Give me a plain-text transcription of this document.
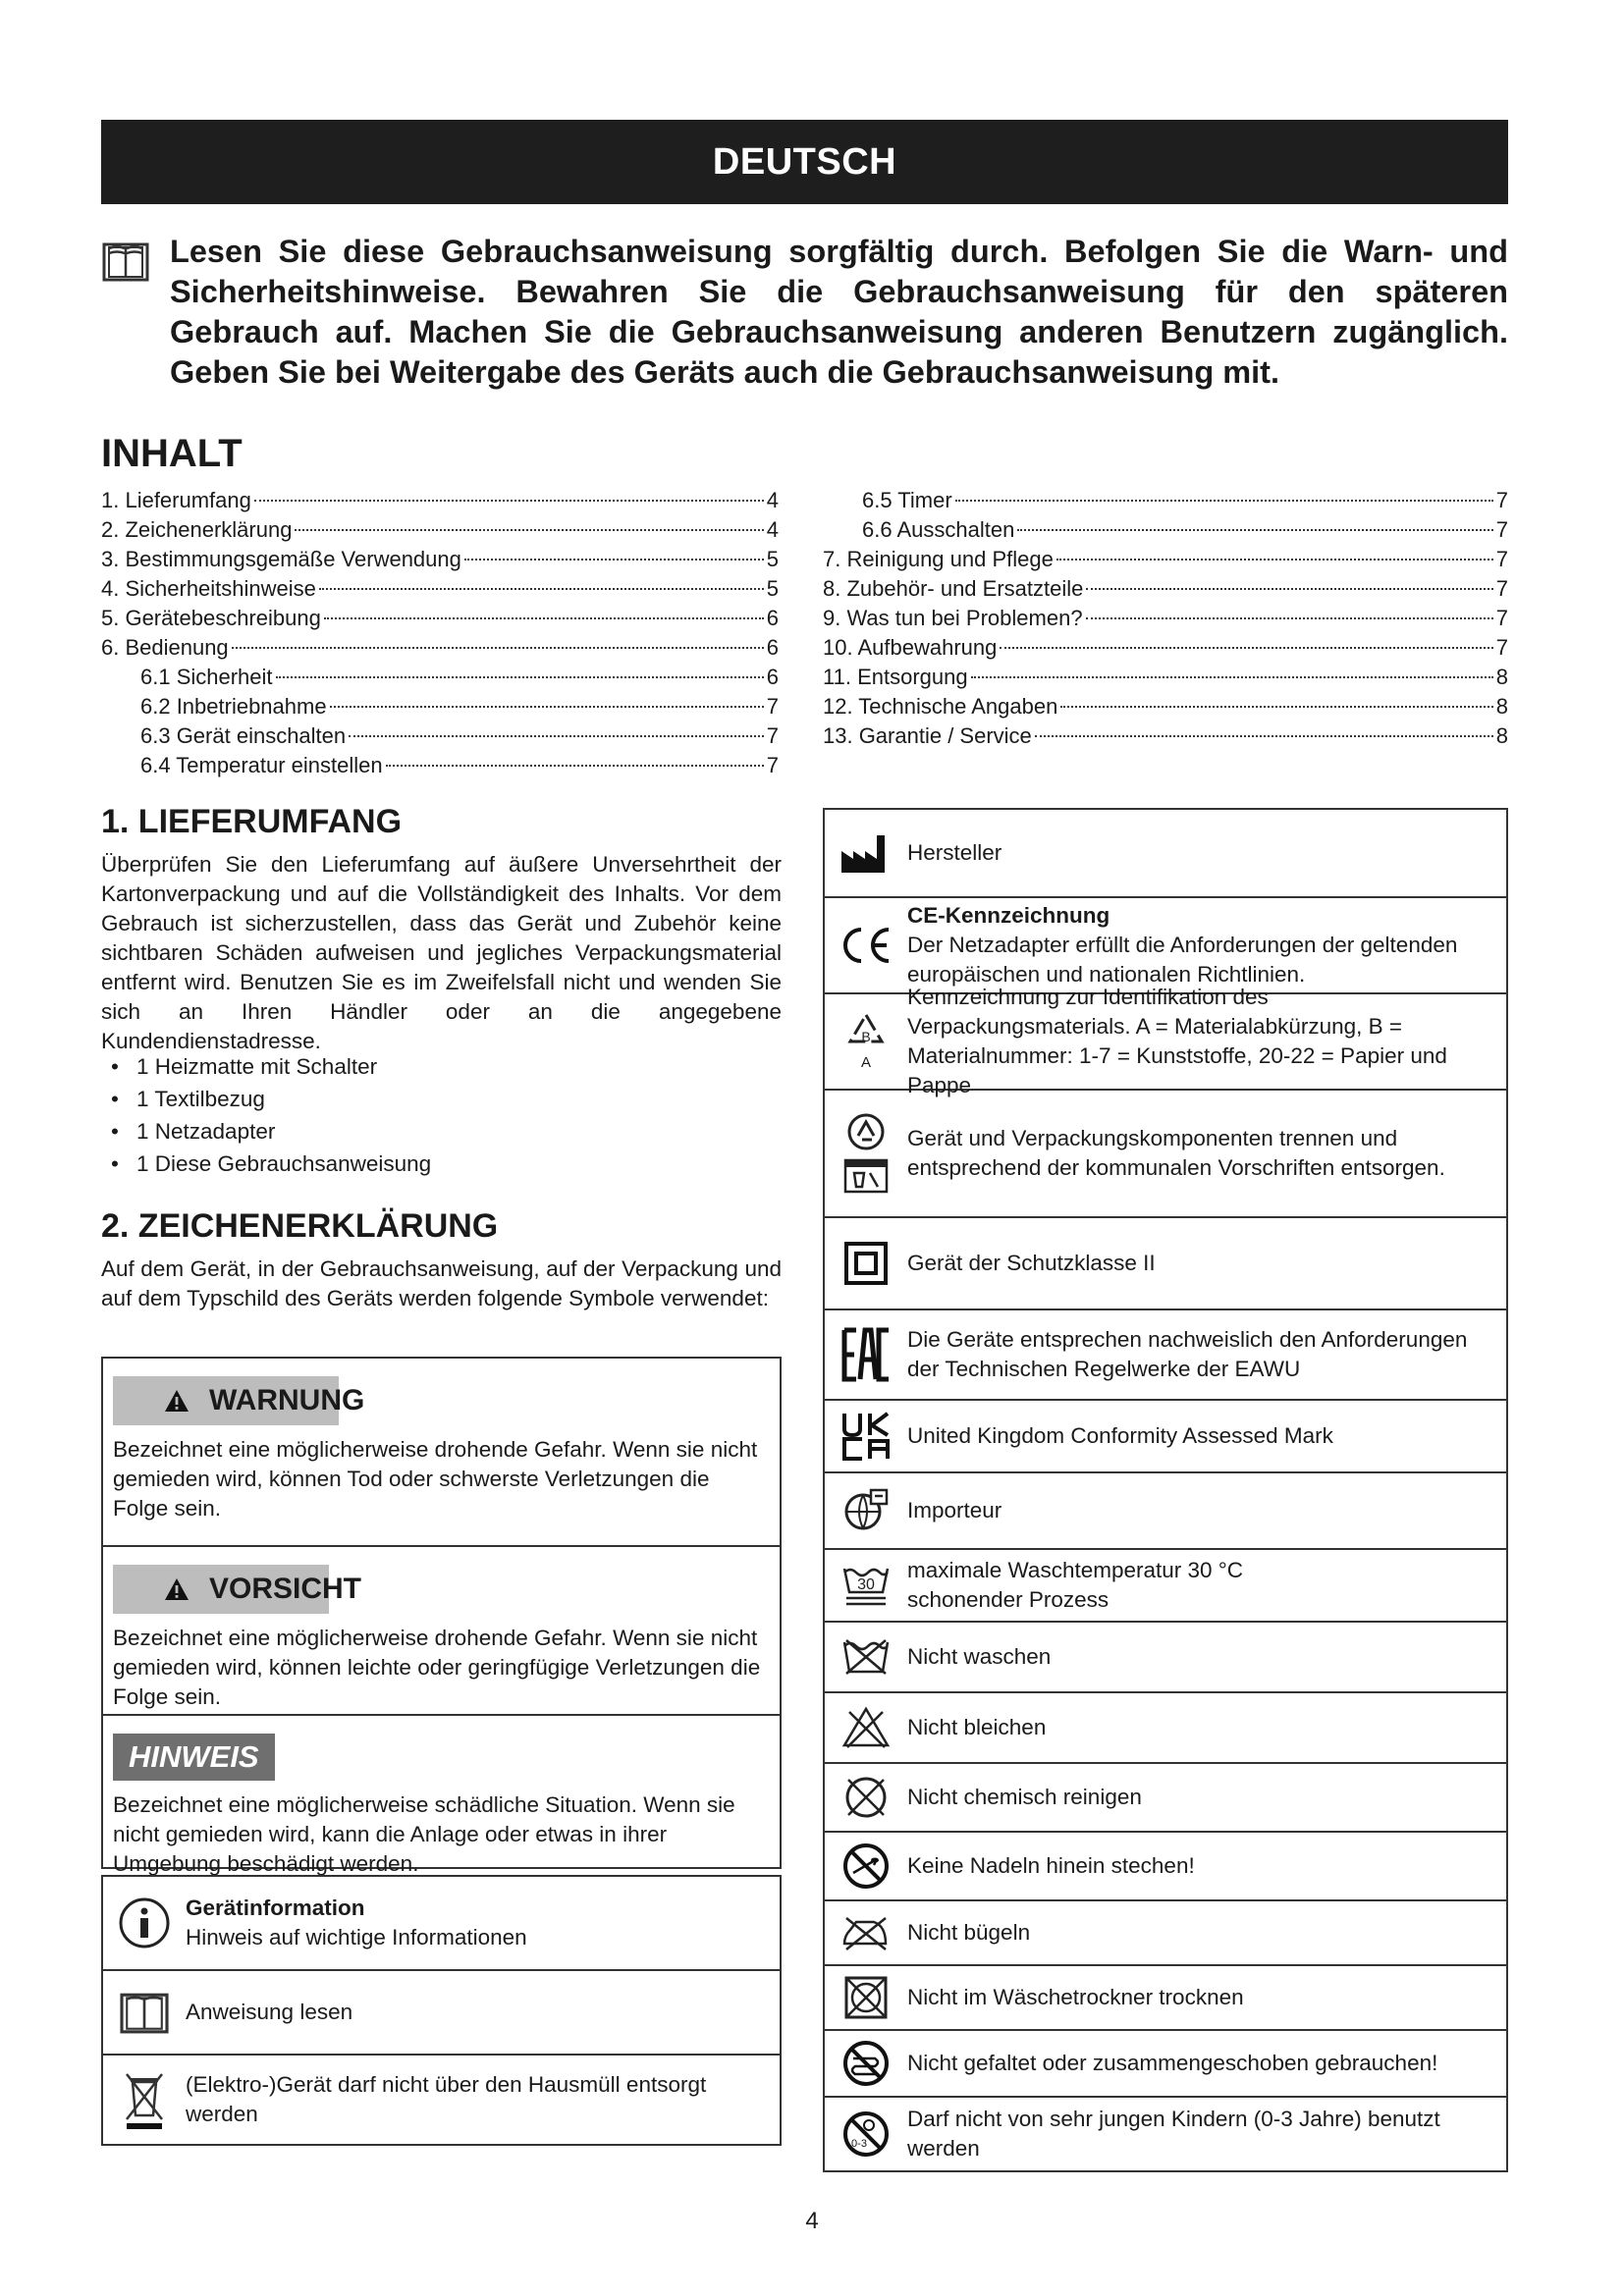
DEUTSCH

Lesen Sie diese Gebrauchsanweisung sorgfältig durch. Befolgen Sie die Warn- und Sicherheitshinweise. Bewahren Sie die Gebrauchsanweisung für den späteren Gebrauch auf. Machen Sie die Gebrauchsanweisung anderen Benutzern zugänglich. Geben Sie bei Weitergabe des Geräts auch die Gebrauchsanweisung mit.

INHALT
1. Lieferumfang	4
2. Zeichenerklärung	4
3. Bestimmungsgemäße Verwendung	5
4. Sicherheitshinweise	5
5. Gerätebeschreibung	6
6. Bedienung	6
6.1 Sicherheit	6
6.2 Inbetriebnahme	7
6.3 Gerät einschalten	7
6.4 Temperatur einstellen	7
6.5 Timer	7
6.6 Ausschalten	7
7. Reinigung und Pflege	7
8. Zubehör- und Ersatzteile	7
9. Was tun bei Problemen?	7
10. Aufbewahrung	7
11. Entsorgung	8
12. Technische Angaben	8
13. Garantie / Service	8
1. LIEFERUMFANG

Überprüfen Sie den Lieferumfang auf äußere Unversehrtheit der Kartonverpackung und auf die Vollständigkeit des Inhalts. Vor dem Gebrauch ist sicherzustellen, dass das Gerät und Zubehör keine sichtbaren Schäden aufweisen und jegliches Verpackungsmaterial entfernt wird. Benutzen Sie es im Zweifelsfall nicht und wenden Sie sich an Ihren Händler oder an die angegebene Kundendienstadresse.

• 1 Heizmatte mit Schalter
• 1 Textilbezug
• 1 Netzadapter
• 1 Diese Gebrauchsanweisung
2. ZEICHENERKLÄRUNG

Auf dem Gerät, in der Gebrauchsanweisung, auf der Verpackung und auf dem Typschild des Geräts werden folgende Symbole verwendet:

WARNUNG
Bezeichnet eine möglicherweise drohende Gefahr. Wenn sie nicht gemieden wird, können Tod oder schwerste Verletzungen die Folge sein.
VORSICHT
Bezeichnet eine möglicherweise drohende Gefahr. Wenn sie nicht gemieden wird, können leichte oder geringfügige Verletzungen die Folge sein.
HINWEIS
Bezeichnet eine möglicherweise schädliche Situation. Wenn sie nicht gemieden wird, kann die Anlage oder etwas in ihrer Umgebung beschädigt werden.
Gerätinformation
Hinweis auf wichtige Informationen
Anweisung lesen
(Elektro-)Gerät darf nicht über den Hausmüll entsorgt werden
Hersteller
CE-Kennzeichnung
Der Netzadapter erfüllt die Anforderungen der geltenden europäischen und nationalen Richtlinien.
B
A
Kennzeichnung zur Identifikation des Verpackungsmaterials. A = Materialabkürzung, B = Materialnummer: 1-7 = Kunststoffe, 20-22 = Papier und Pappe
Gerät und Verpackungskomponenten trennen und entsprechend der kommunalen Vorschriften entsorgen.
Gerät der Schutzklasse II
Die Geräte entsprechen nachweislich den Anforderungen der Technischen Regelwerke der EAWU
United Kingdom Conformity Assessed Mark
Importeur
30
maximale Waschtemperatur 30 °C
schonender Prozess
Nicht waschen
Nicht bleichen
Nicht chemisch reinigen
Keine Nadeln hinein stechen!
Nicht bügeln
Nicht im Wäschetrockner trocknen
Nicht gefaltet oder zusammengeschoben gebrauchen!
0-3
Darf nicht von sehr jungen Kindern (0-3 Jahre) benutzt werden
4
